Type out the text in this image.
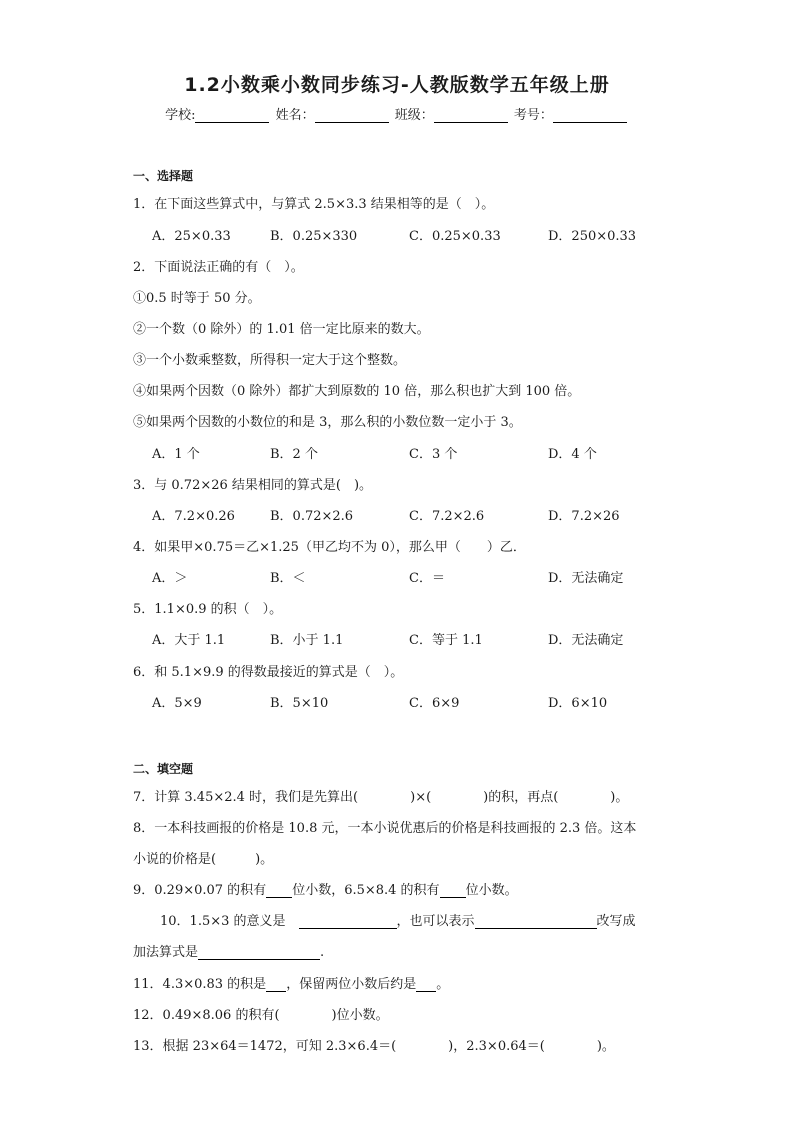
1.2小数乘小数同步练习-人教版数学五年级上册
学校:	姓名：	班级：	考号：
一、选择题
1．在下面这些算式中，与算式 2.5×3.3 结果相等的是（　）。
A．25×0.33	B．0.25×330	C．0.25×0.33	D．250×0.33
2．下面说法正确的有（　）。
①0.5 时等于 50 分。
②一个数（0 除外）的 1.01 倍一定比原来的数大。
③一个小数乘整数，所得积一定大于这个整数。
④如果两个因数（0 除外）都扩大到原数的 10 倍，那么积也扩大到 100 倍。
⑤如果两个因数的小数位的和是 3，那么积的小数位数一定小于 3。
A．1 个	B．2 个	C．3 个	D．4 个
3．与 0.72×26 结果相同的算式是(　)。
A．7.2×0.26	B．0.72×2.6	C．7.2×2.6	D．7.2×26
4．如果甲×0.75＝乙×1.25（甲乙均不为 0），那么甲（　　）乙．
A．＞	B．＜	C．＝	D．无法确定
5．1.1×0.9 的积（　）。
A．大于 1.1	B．小于 1.1	C．等于 1.1	D．无法确定
6．和 5.1×9.9 的得数最接近的算式是（　）。
A．5×9	B．5×10	C．6×9	D．6×10
二、填空题
7．计算 3.45×2.4 时，我们是先算出(　　　　)×(　　　　)的积，再点(　　　　)。
8．一本科技画报的价格是 10.8 元，一本小说优惠后的价格是科技画报的 2.3 倍。这本
小说的价格是(　　　)。
9．0.29×0.07 的积有 位小数，6.5×8.4 的积有 位小数。
10．1.5×3 的意义是　	，也可以表示	改写成
加法算式是	.
11．4.3×0.83 的积是 ，保留两位小数后约是 。
12．0.49×8.06 的积有(　　　　)位小数。
13．根据 23×64＝1472，可知 2.3×6.4＝(　　　　)，2.3×0.64＝(　　　　)。
